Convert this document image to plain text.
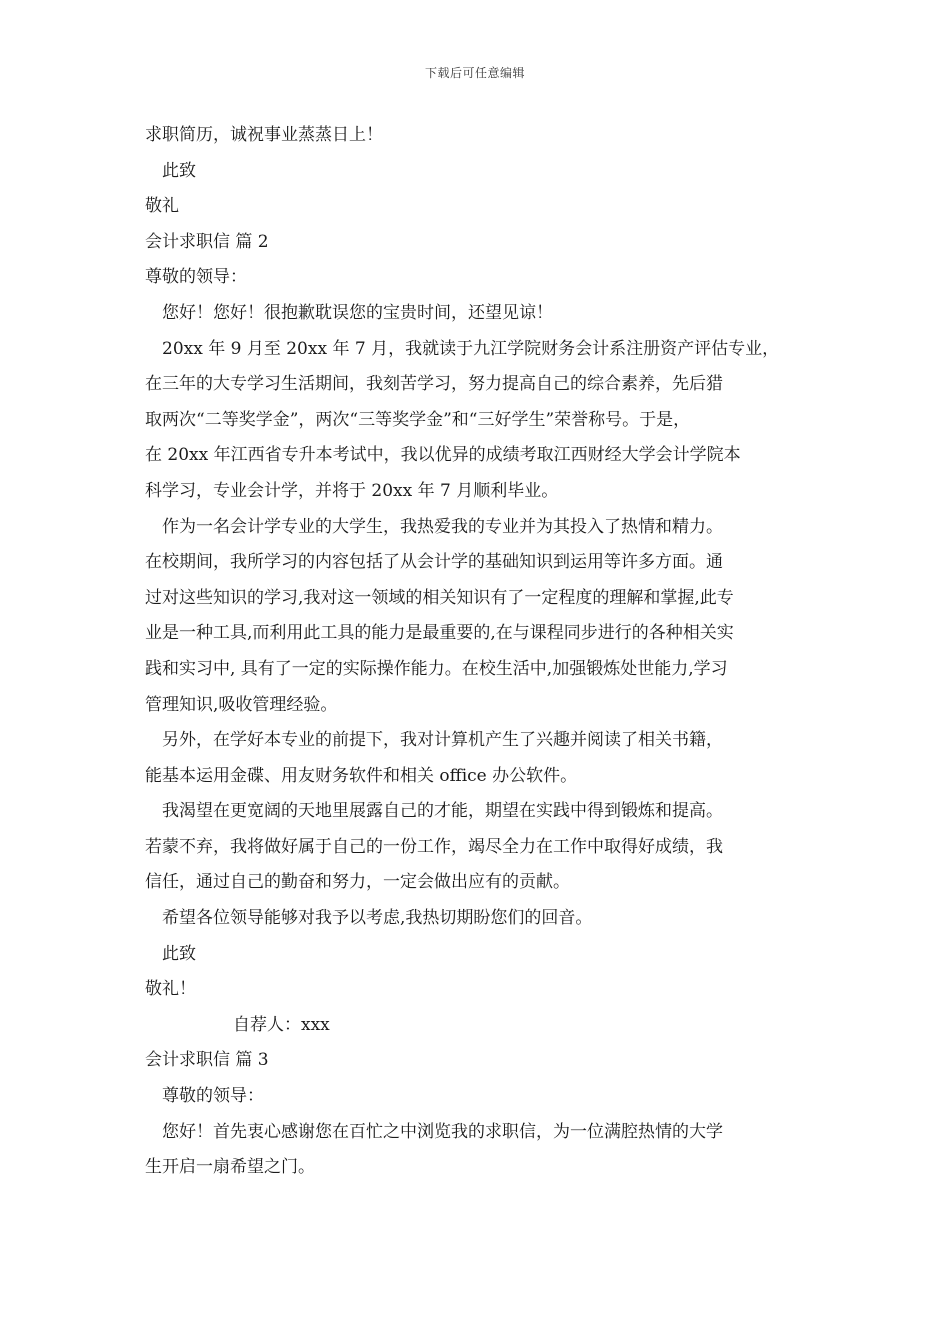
下载后可任意编辑
求职简历，诚祝事业蒸蒸日上！
此致
敬礼
会计求职信 篇 2
尊敬的领导：
您好！您好！很抱歉耽误您的宝贵时间，还望见谅！
20xx 年 9 月至 20xx 年 7 月，我就读于九江学院财务会计系注册资产评估专业，
在三年的大专学习生活期间，我刻苦学习，努力提高自己的综合素养，先后猎
取两次“二等奖学金”，两次“三等奖学金”和“三好学生”荣誉称号。于是，
在 20xx 年江西省专升本考试中，我以优异的成绩考取江西财经大学会计学院本
科学习，专业会计学，并将于 20xx 年 7 月顺利毕业。
作为一名会计学专业的大学生，我热爱我的专业并为其投入了热情和精力。
在校期间，我所学习的内容包括了从会计学的基础知识到运用等许多方面。通
过对这些知识的学习,我对这一领域的相关知识有了一定程度的理解和掌握,此专
业是一种工具,而利用此工具的能力是最重要的,在与课程同步进行的各种相关实
践和实习中, 具有了一定的实际操作能力。在校生活中,加强锻炼处世能力,学习
管理知识,吸收管理经验。
另外，在学好本专业的前提下，我对计算机产生了兴趣并阅读了相关书籍，
能基本运用金碟、用友财务软件和相关 office 办公软件。
我渴望在更宽阔的天地里展露自己的才能，期望在实践中得到锻炼和提高。
若蒙不弃，我将做好属于自己的一份工作，竭尽全力在工作中取得好成绩，我
信任，通过自己的勤奋和努力，一定会做出应有的贡献。
希望各位领导能够对我予以考虑,我热切期盼您们的回音。
此致
敬礼！
自荐人：xxx
会计求职信 篇 3
尊敬的领导：
您好！首先衷心感谢您在百忙之中浏览我的求职信，为一位满腔热情的大学
生开启一扇希望之门。
